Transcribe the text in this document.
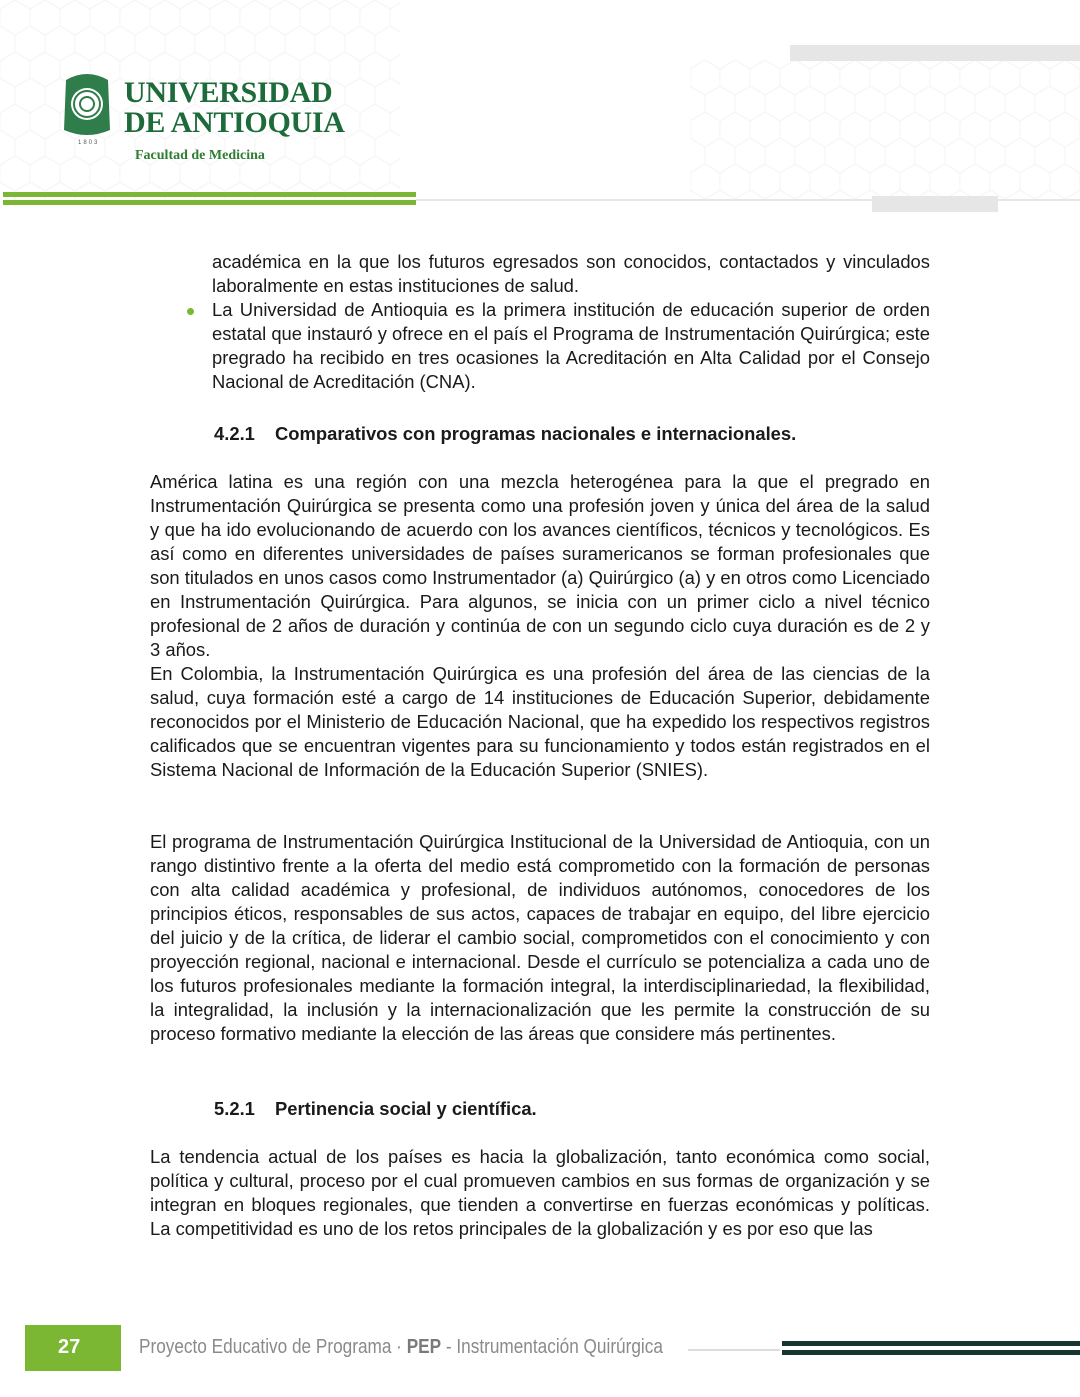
1803
UNIVERSIDAD
DE ANTIOQUIA
Facultad de Medicina
académica en la que los futuros egresados son conocidos, contactados y vinculados laboralmente en estas instituciones de salud.
La Universidad de Antioquia es la primera institución de educación superior de orden estatal que instauró y ofrece en el país el Programa de Instrumentación Quirúrgica; este pregrado ha recibido en tres ocasiones la Acreditación en Alta Calidad por el Consejo Nacional de Acreditación (CNA).
4.2.1 Comparativos con programas nacionales e internacionales.

América latina es una región con una mezcla heterogénea para la que el pregrado en Instrumentación Quirúrgica se presenta como una profesión joven y única del área de la salud y que ha ido evolucionando de acuerdo con los avances científicos, técnicos y tecnológicos. Es así como en diferentes universidades de países suramericanos se forman profesionales que son titulados en unos casos como Instrumentador (a) Quirúrgico (a) y en otros como Licenciado en Instrumentación Quirúrgica. Para algunos, se inicia con un primer ciclo a nivel técnico profesional de 2 años de duración y continúa de con un segundo ciclo cuya duración es de 2 y 3 años.

En Colombia, la Instrumentación Quirúrgica es una profesión del área de las ciencias de la salud, cuya formación esté a cargo de 14 instituciones de Educación Superior, debidamente reconocidos por el Ministerio de Educación Nacional, que ha expedido los respectivos registros calificados que se encuentran vigentes para su funcionamiento y todos están registrados en el Sistema Nacional de Información de la Educación Superior (SNIES).

El programa de Instrumentación Quirúrgica Institucional de la Universidad de Antioquia, con un rango distintivo frente a la oferta del medio está comprometido con la formación de personas con alta calidad académica y profesional, de individuos autónomos, conocedores de los principios éticos, responsables de sus actos, capaces de trabajar en equipo, del libre ejercicio del juicio y de la crítica, de liderar el cambio social, comprometidos con el conocimiento y con proyección regional, nacional e internacional. Desde el currículo se potencializa a cada uno de los futuros profesionales mediante la formación integral, la interdisciplinariedad, la flexibilidad, la integralidad, la inclusión y la internacionalización que les permite la construcción de su proceso formativo mediante la elección de las áreas que considere más pertinentes.

5.2.1 Pertinencia social y científica.

La tendencia actual de los países es hacia la globalización, tanto económica como social, política y cultural, proceso por el cual promueven cambios en sus formas de organización y se integran en bloques regionales, que tienden a convertirse en fuerzas económicas y políticas. La competitividad es uno de los retos principales de la globalización y es por eso que las

27	Proyecto Educativo de Programa · PEP - Instrumentación Quirúrgica
